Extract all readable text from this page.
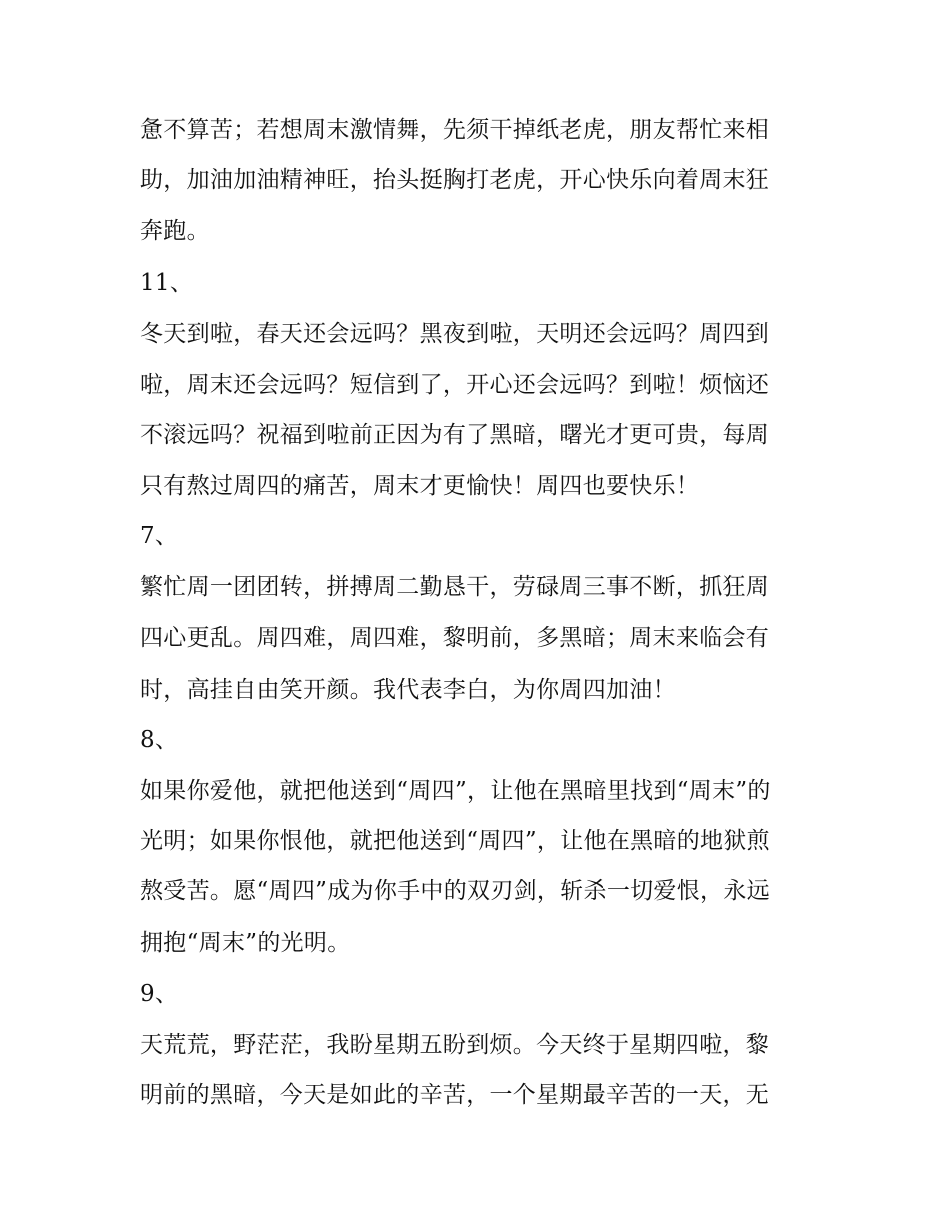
惫不算苦；若想周末激情舞，先须干掉纸老虎，朋友帮忙来相
助，加油加油精神旺，抬头挺胸打老虎，开心快乐向着周末狂
奔跑。
11、
冬天到啦，春天还会远吗？黑夜到啦，天明还会远吗？周四到
啦，周末还会远吗？短信到了，开心还会远吗？到啦！烦恼还
不滚远吗？祝福到啦前正因为有了黑暗，曙光才更可贵，每周
只有熬过周四的痛苦，周末才更愉快！周四也要快乐！
7、
繁忙周一团团转，拼搏周二勤恳干，劳碌周三事不断，抓狂周
四心更乱。周四难，周四难，黎明前，多黑暗；周末来临会有
时，高挂自由笑开颜。我代表李白，为你周四加油！
8、
如果你爱他，就把他送到“周四”，让他在黑暗里找到“周末”的
光明；如果你恨他，就把他送到“周四”，让他在黑暗的地狱煎
熬受苦。愿“周四”成为你手中的双刃剑，斩杀一切爱恨，永远
拥抱“周末”的光明。
9、
天荒荒，野茫茫，我盼星期五盼到烦。今天终于星期四啦，黎
明前的黑暗，今天是如此的辛苦，一个星期最辛苦的一天，无
